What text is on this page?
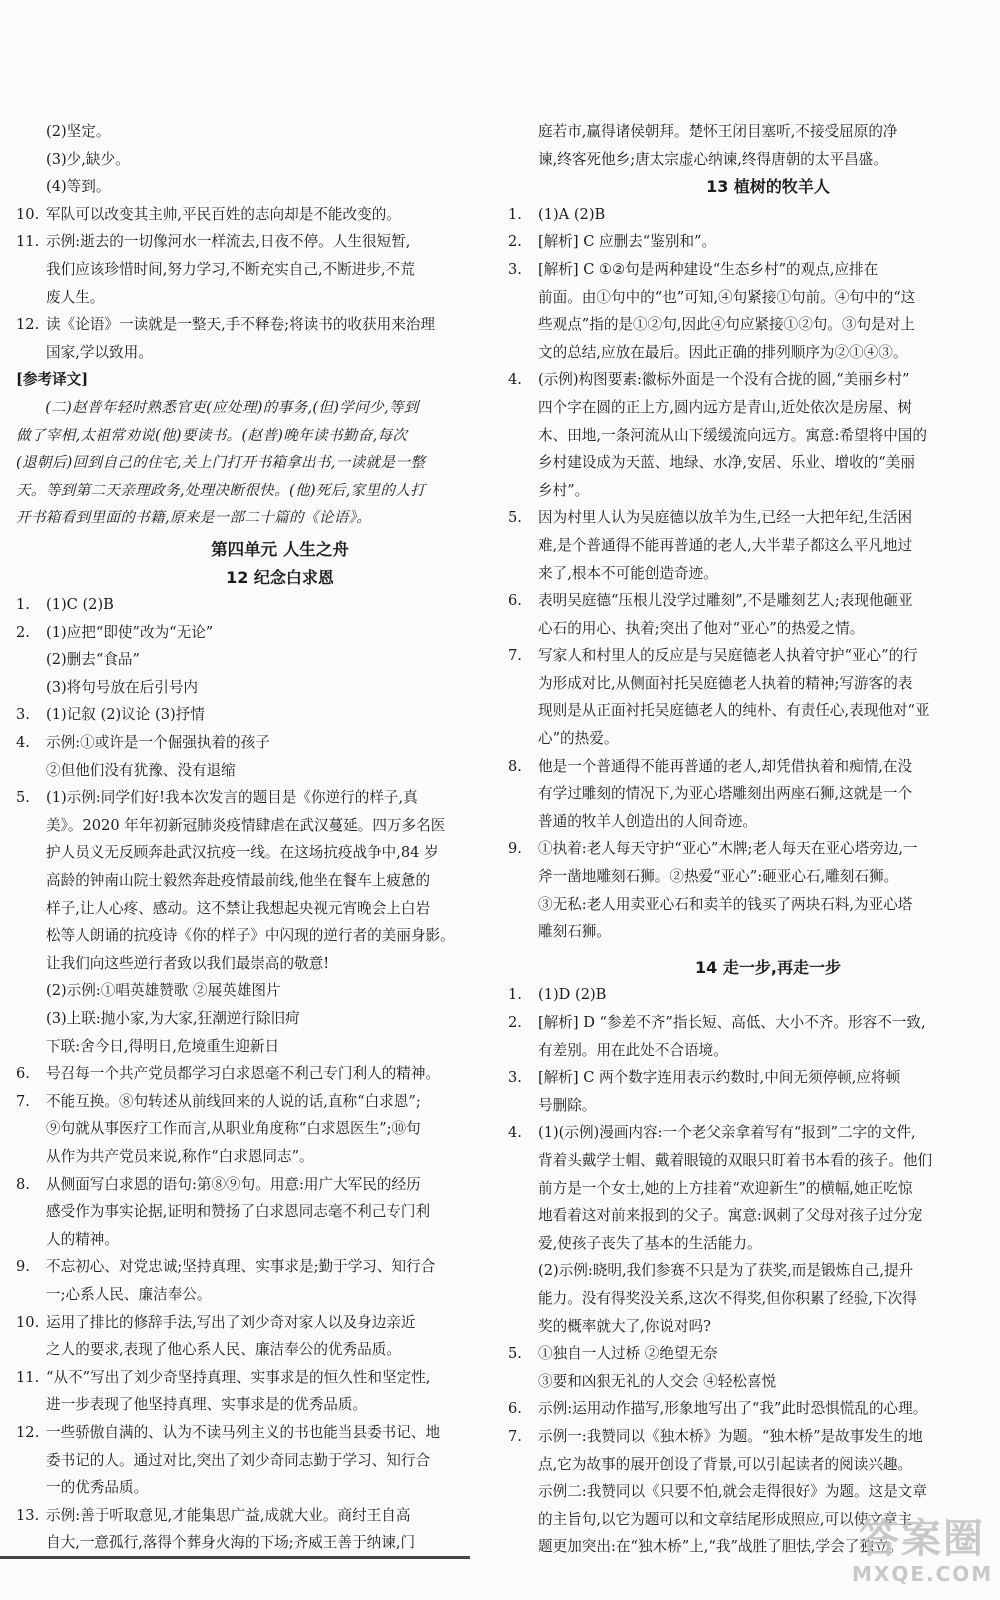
(2)坚定。
(3)少,缺少。
(4)等到。
10. 军队可以改变其主帅,平民百姓的志向却是不能改变的。
11. 示例:逝去的一切像河水一样流去,日夜不停。人生很短暂,
我们应该珍惜时间,努力学习,不断充实自己,不断进步,不荒
废人生。
12. 读《论语》一读就是一整天,手不释卷;将读书的收获用来治理
国家,学以致用。
[参考译文]

(二)赵普年轻时熟悉官吏(应处理)的事务,(但)学问少,等到

做了宰相,太祖常劝说(他)要读书。(赵普)晚年读书勤奋,每次

(退朝后)回到自己的住宅,关上门打开书箱拿出书,一读就是一整

天。等到第二天亲理政务,处理决断很快。(他)死后,家里的人打

开书箱看到里面的书籍,原来是一部二十篇的《论语》。

第四单元 人生之舟
12 纪念白求恩
1. (1)C (2)B
2. (1)应把“即使”改为“无论”
(2)删去“食品”
(3)将句号放在后引号内
3. (1)记叙 (2)议论 (3)抒情
4. 示例:①或许是一个倔强执着的孩子
②但他们没有犹豫、没有退缩
5. (1)示例:同学们好!我本次发言的题目是《你逆行的样子,真
美》。2020 年年初新冠肺炎疫情肆虐在武汉蔓延。四万多名医
护人员义无反顾奔赴武汉抗疫一线。在这场抗疫战争中,84 岁
高龄的钟南山院士毅然奔赴疫情最前线,他坐在餐车上疲惫的
样子,让人心疼、感动。这不禁让我想起央视元宵晚会上白岩
松等人朗诵的抗疫诗《你的样子》中闪现的逆行者的美丽身影。
让我们向这些逆行者致以我们最崇高的敬意!
(2)示例:①唱英雄赞歌 ②展英雄图片
(3)上联:抛小家,为大家,狂潮逆行除旧疴
下联:舍今日,得明日,危境重生迎新日
6. 号召每一个共产党员都学习白求恩毫不利己专门利人的精神。
7. 不能互换。⑧句转述从前线回来的人说的话,直称“白求恩”;
⑨句就从事医疗工作而言,从职业角度称“白求恩医生”;⑩句
从作为共产党员来说,称作“白求恩同志”。
8. 从侧面写白求恩的语句:第⑧⑨句。用意:用广大军民的经历
感受作为事实论据,证明和赞扬了白求恩同志毫不利己专门利
人的精神。
9. 不忘初心、对党忠诚;坚持真理、实事求是;勤于学习、知行合
一;心系人民、廉洁奉公。
10. 运用了排比的修辞手法,写出了刘少奇对家人以及身边亲近
之人的要求,表现了他心系人民、廉洁奉公的优秀品质。
11. “从不”写出了刘少奇坚持真理、实事求是的恒久性和坚定性,
进一步表现了他坚持真理、实事求是的优秀品质。
12. 一些骄傲自满的、认为不读马列主义的书也能当县委书记、地
委书记的人。通过对比,突出了刘少奇同志勤于学习、知行合
一的优秀品质。
13. 示例:善于听取意见,才能集思广益,成就大业。商纣王自高
自大,一意孤行,落得个葬身火海的下场;齐威王善于纳谏,门
庭若市,赢得诸侯朝拜。楚怀王闭目塞听,不接受屈原的净
谏,终客死他乡;唐太宗虚心纳谏,终得唐朝的太平昌盛。
13 植树的牧羊人
1. (1)A (2)B
2. [解析] C 应删去“鉴别和”。
3. [解析] C ①②句是两种建设“生态乡村”的观点,应排在
前面。由①句中的“也”可知,④句紧接①句前。④句中的“这
些观点”指的是①②句,因此④句应紧接①②句。③句是对上
文的总结,应放在最后。因此正确的排列顺序为②①④③。
4. (示例)构图要素:徽标外面是一个没有合拢的圆,“美丽乡村”
四个字在圆的正上方,圆内远方是青山,近处依次是房屋、树
木、田地,一条河流从山下缓缓流向远方。寓意:希望将中国的
乡村建设成为天蓝、地绿、水净,安居、乐业、增收的“美丽
乡村”。
5. 因为村里人认为吴庭德以放羊为生,已经一大把年纪,生活困
难,是个普通得不能再普通的老人,大半辈子都这么平凡地过
来了,根本不可能创造奇迹。
6. 表明吴庭德“压根儿没学过雕刻”,不是雕刻艺人;表现他砸亚
心石的用心、执着;突出了他对“亚心”的热爱之情。
7. 写家人和村里人的反应是与吴庭德老人执着守护“亚心”的行
为形成对比,从侧面衬托吴庭德老人执着的精神;写游客的表
现则是从正面衬托吴庭德老人的纯朴、有责任心,表现他对“亚
心”的热爱。
8. 他是一个普通得不能再普通的老人,却凭借执着和痴情,在没
有学过雕刻的情况下,为亚心塔雕刻出两座石狮,这就是一个
普通的牧羊人创造出的人间奇迹。
9. ①执着:老人每天守护“亚心”木牌;老人每天在亚心塔旁边,一
斧一凿地雕刻石狮。②热爱“亚心”:砸亚心石,雕刻石狮。
③无私:老人用卖亚心石和卖羊的钱买了两块石料,为亚心塔
雕刻石狮。
14 走一步,再走一步
1. (1)D (2)B
2. [解析] D “参差不齐”指长短、高低、大小不齐。形容不一致,
有差别。用在此处不合语境。
3. [解析] C 两个数字连用表示约数时,中间无须停顿,应将顿
号删除。
4. (1)(示例)漫画内容:一个老父亲拿着写有“报到”二字的文件,
背着头戴学士帽、戴着眼镜的双眼只盯着书本看的孩子。他们
前方是一个女士,她的上方挂着“欢迎新生”的横幅,她正吃惊
地看着这对前来报到的父子。寓意:讽刺了父母对孩子过分宠
爱,使孩子丧失了基本的生活能力。
(2)示例:晓明,我们参赛不只是为了获奖,而是锻炼自己,提升
能力。没有得奖没关系,这次不得奖,但你积累了经验,下次得
奖的概率就大了,你说对吗?
5. ①独自一人过桥 ②绝望无奈
③要和凶狠无礼的人交会 ④轻松喜悦
6. 示例:运用动作描写,形象地写出了“我”此时恐惧慌乱的心理。
7. 示例一:我赞同以《独木桥》为题。“独木桥”是故事发生的地
点,它为故事的展开创设了背景,可以引起读者的阅读兴趣。
示例二:我赞同以《只要不怕,就会走得很好》为题。这是文章
的主旨句,以它为题可以和文章结尾形成照应,可以使文章主
题更加突出:在“独木桥”上,“我”战胜了胆怯,学会了独立。
答案圈
MXQE.COM
